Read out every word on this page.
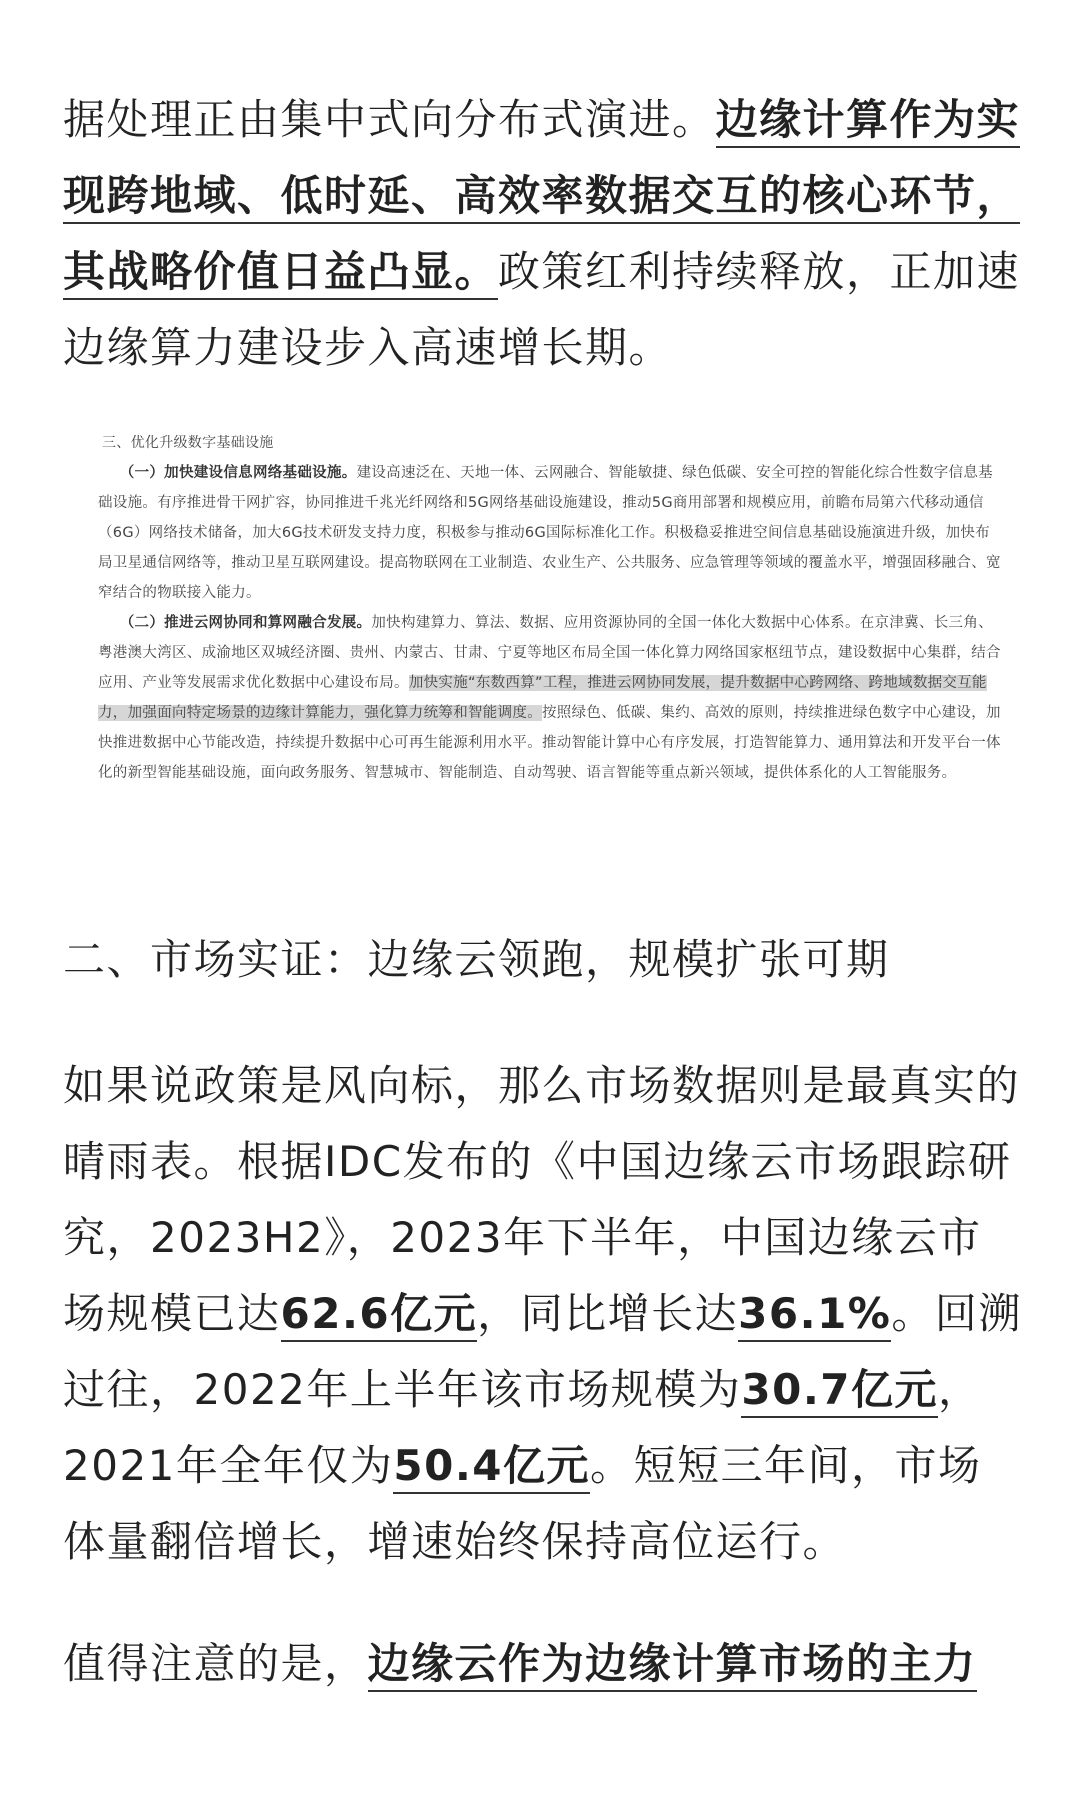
据处理正由集中式向分布式演进。边缘计算作为实现跨地域、低时延、高效率数据交互的核心环节，其战略价值日益凸显。政策红利持续释放，正加速边缘算力建设步入高速增长期。

三、优化升级数字基础设施

（一）加快建设信息网络基础设施。建设高速泛在、天地一体、云网融合、智能敏捷、绿色低碳、安全可控的智能化综合性数字信息基础设施。有序推进骨干网扩容，协同推进千兆光纤网络和5G网络基础设施建设，推动5G商用部署和规模应用，前瞻布局第六代移动通信（6G）网络技术储备，加大6G技术研发支持力度，积极参与推动6G国际标准化工作。积极稳妥推进空间信息基础设施演进升级，加快布局卫星通信网络等，推动卫星互联网建设。提高物联网在工业制造、农业生产、公共服务、应急管理等领域的覆盖水平，增强固移融合、宽窄结合的物联接入能力。

（二）推进云网协同和算网融合发展。加快构建算力、算法、数据、应用资源协同的全国一体化大数据中心体系。在京津冀、长三角、粤港澳大湾区、成渝地区双城经济圈、贵州、内蒙古、甘肃、宁夏等地区布局全国一体化算力网络国家枢纽节点，建设数据中心集群，结合应用、产业等发展需求优化数据中心建设布局。加快实施“东数西算”工程，推进云网协同发展，提升数据中心跨网络、跨地域数据交互能力，加强面向特定场景的边缘计算能力，强化算力统筹和智能调度。按照绿色、低碳、集约、高效的原则，持续推进绿色数字中心建设，加快推进数据中心节能改造，持续提升数据中心可再生能源利用水平。推动智能计算中心有序发展，打造智能算力、通用算法和开发平台一体化的新型智能基础设施，面向政务服务、智慧城市、智能制造、自动驾驶、语言智能等重点新兴领域，提供体系化的人工智能服务。

二、市场实证：边缘云领跑，规模扩张可期

如果说政策是风向标，那么市场数据则是最真实的晴雨表。根据IDC发布的《中国边缘云市场跟踪研究，2023H2》，2023年下半年，中国边缘云市场规模已达62.6亿元，同比增长达36.1%。回溯过往，2022年上半年该市场规模为30.7亿元，2021年全年仅为50.4亿元。短短三年间，市场体量翻倍增长，增速始终保持高位运行。

值得注意的是，边缘云作为边缘计算市场的主力
